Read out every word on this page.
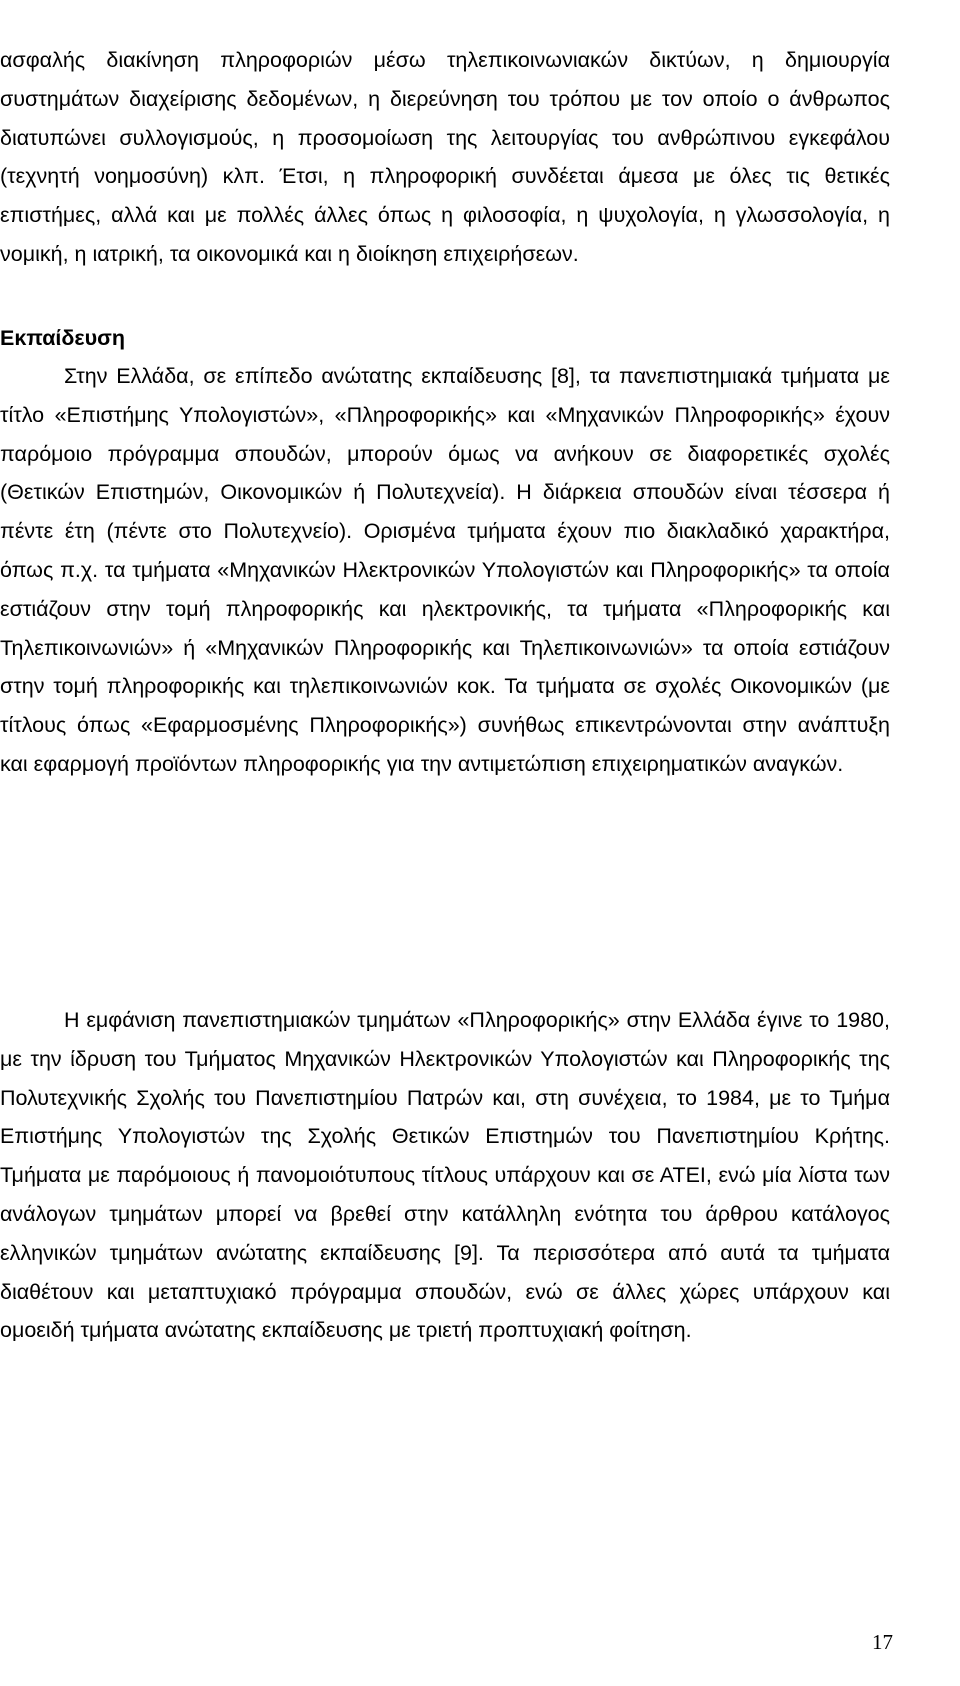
ασφαλής διακίνηση πληροφοριών μέσω τηλεπικοινωνιακών δικτύων, η δημιουργία συστημάτων διαχείρισης δεδομένων, η διερεύνηση του τρόπου με τον οποίο ο άνθρωπος διατυπώνει συλλογισμούς, η προσομοίωση της λειτουργίας του ανθρώπινου εγκεφάλου (τεχνητή νοημοσύνη) κλπ. Έτσι, η πληροφορική συνδέεται άμεσα με όλες τις θετικές επιστήμες, αλλά και με πολλές άλλες όπως η φιλοσοφία, η ψυχολογία, η γλωσσολογία, η νομική, η ιατρική, τα οικονομικά και η διοίκηση επιχειρήσεων.

Εκπαίδευση

Στην Ελλάδα, σε επίπεδο ανώτατης εκπαίδευσης [8], τα πανεπιστημιακά τμήματα με τίτλο «Επιστήμης Υπολογιστών», «Πληροφορικής» και «Μηχανικών Πληροφορικής» έχουν παρόμοιο πρόγραμμα σπουδών, μπορούν όμως να ανήκουν σε διαφορετικές σχολές (Θετικών Επιστημών, Οικονομικών ή Πολυτεχνεία). Η διάρκεια σπουδών είναι τέσσερα ή πέντε έτη (πέντε στο Πολυτεχνείο). Ορισμένα τμήματα έχουν πιο διακλαδικό χαρακτήρα, όπως π.χ. τα τμήματα «Μηχανικών Ηλεκτρονικών Υπολογιστών και Πληροφορικής» τα οποία εστιάζουν στην τομή πληροφορικής και ηλεκτρονικής, τα τμήματα «Πληροφορικής και Τηλεπικοινωνιών» ή «Μηχανικών Πληροφορικής και Τηλεπικοινωνιών» τα οποία εστιάζουν στην τομή πληροφορικής και τηλεπικοινωνιών κοκ. Τα τμήματα σε σχολές Οικονομικών (με τίτλους όπως «Εφαρμοσμένης Πληροφορικής») συνήθως επικεντρώνονται στην ανάπτυξη και εφαρμογή προϊόντων πληροφορικής για την αντιμετώπιση επιχειρηματικών αναγκών.

Η εμφάνιση πανεπιστημιακών τμημάτων «Πληροφορικής» στην Ελλάδα έγινε το 1980, με την ίδρυση του Τμήματος Μηχανικών Ηλεκτρονικών Υπολογιστών και Πληροφορικής της Πολυτεχνικής Σχολής του Πανεπιστημίου Πατρών και, στη συνέχεια, το 1984, με το Τμήμα Επιστήμης Υπολογιστών της Σχολής Θετικών Επιστημών του Πανεπιστημίου Κρήτης. Τμήματα με παρόμοιους ή πανομοιότυπους τίτλους υπάρχουν και σε ΑΤΕΙ, ενώ μία λίστα των ανάλογων τμημάτων μπορεί να βρεθεί στην κατάλληλη ενότητα του άρθρου κατάλογος ελληνικών τμημάτων ανώτατης εκπαίδευσης [9]. Τα περισσότερα από αυτά τα τμήματα διαθέτουν και μεταπτυχιακό πρόγραμμα σπουδών, ενώ σε άλλες χώρες υπάρχουν και ομοειδή τμήματα ανώτατης εκπαίδευσης με τριετή προπτυχιακή φοίτηση.

17
